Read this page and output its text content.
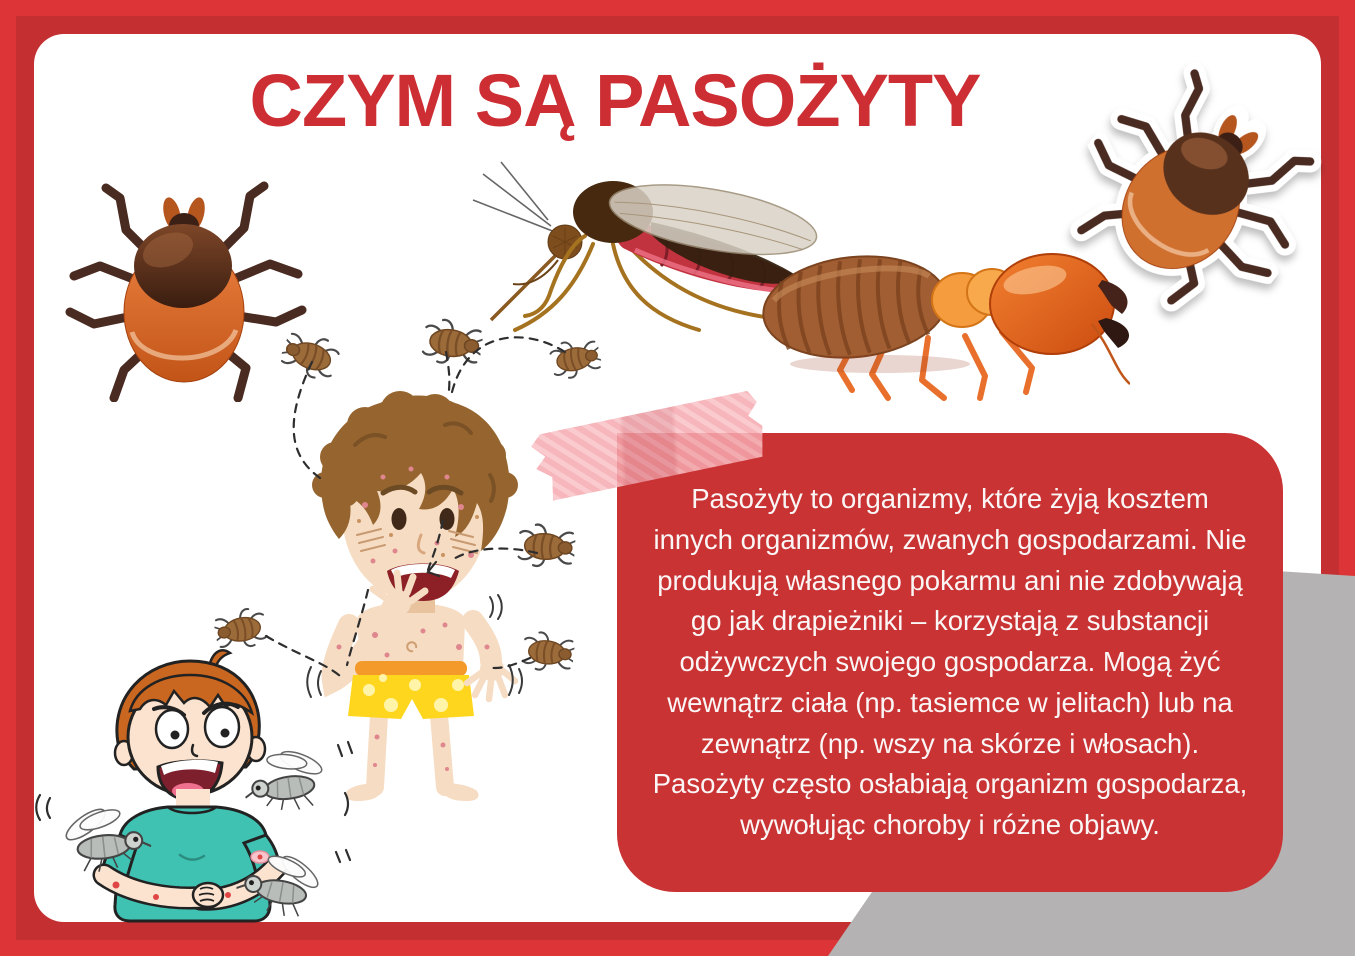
CZYM SĄ PASOŻYTY

Pasożyty to organizmy, które żyją kosztem innych organizmów, zwanych gospodarzami. Nie produkują własnego pokarmu ani nie zdobywają go jak drapieżniki – korzystają z substancji odżywczych swojego gospodarza. Mogą żyć wewnątrz ciała (np. tasiemce w jelitach) lub na zewnątrz (np. wszy na skórze i włosach). Pasożyty często osłabiają organizm gospodarza, wywołując choroby i różne objawy.
